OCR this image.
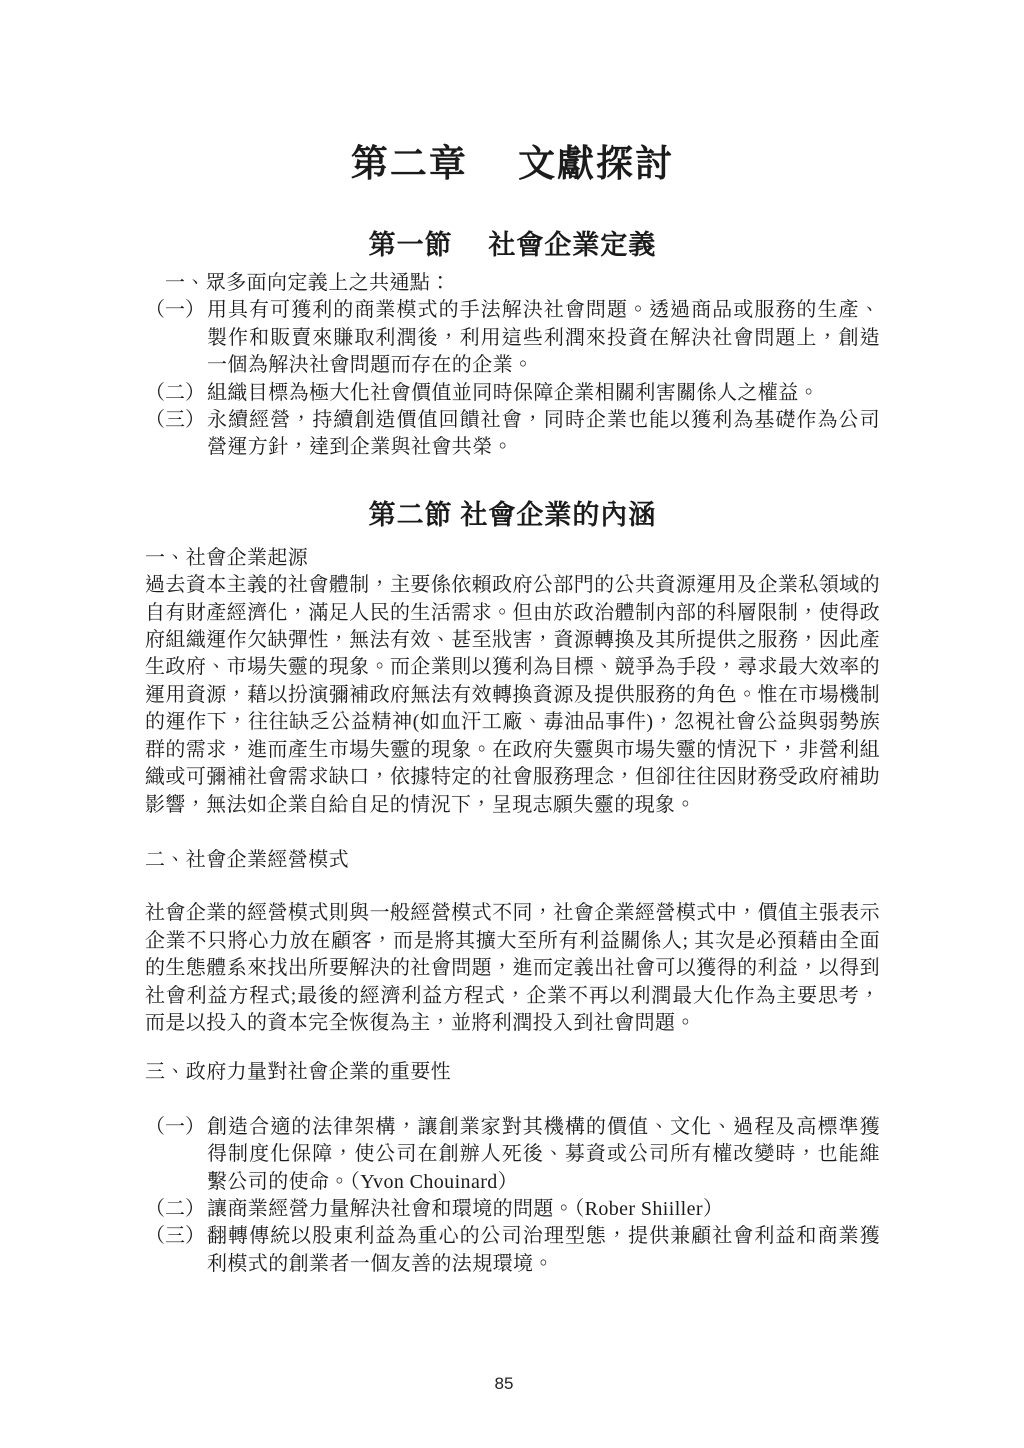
第二章　 文獻探討
第一節　 社會企業定義
一、眾多面向定義上之共通點：
（一） 用具有可獲利的商業模式的手法解決社會問題。透過商品或服務的生產、製作和販賣來賺取利潤後，利用這些利潤來投資在解決社會問題上，創造一個為解決社會問題而存在的企業。
（二） 組織目標為極大化社會價值並同時保障企業相關利害關係人之權益。
（三） 永續經營，持續創造價值回饋社會，同時企業也能以獲利為基礎作為公司營運方針，達到企業與社會共榮。
第二節 社會企業的內涵
一、社會企業起源
過去資本主義的社會體制，主要係依賴政府公部門的公共資源運用及企業私領域的自有財產經濟化，滿足人民的生活需求。但由於政治體制內部的科層限制，使得政府組織運作欠缺彈性，無法有效、甚至戕害，資源轉換及其所提供之服務，因此產生政府、市場失靈的現象。而企業則以獲利為目標、競爭為手段，尋求最大效率的運用資源，藉以扮演彌補政府無法有效轉換資源及提供服務的角色。惟在市場機制的運作下，往往缺乏公益精神(如血汗工廠、毒油品事件)，忽視社會公益與弱勢族群的需求，進而產生市場失靈的現象。在政府失靈與市場失靈的情況下，非營利組織或可彌補社會需求缺口，依據特定的社會服務理念，但卻往往因財務受政府補助影響，無法如企業自給自足的情況下，呈現志願失靈的現象。
二、社會企業經營模式
社會企業的經營模式則與一般經營模式不同，社會企業經營模式中，價值主張表示企業不只將心力放在顧客，而是將其擴大至所有利益關係人; 其次是必預藉由全面的生態體系來找出所要解決的社會問題，進而定義出社會可以獲得的利益，以得到社會利益方程式;最後的經濟利益方程式，企業不再以利潤最大化作為主要思考，而是以投入的資本完全恢復為主，並將利潤投入到社會問題。
三、政府力量對社會企業的重要性
（一） 創造合適的法律架構，讓創業家對其機構的價值、文化、過程及高標準獲得制度化保障，使公司在創辦人死後、募資或公司所有權改變時，也能維繫公司的使命。（Yvon Chouinard）
（二） 讓商業經營力量解決社會和環境的問題。（Rober Shiiller）
（三） 翻轉傳統以股東利益為重心的公司治理型態，提供兼顧社會利益和商業獲利模式的創業者一個友善的法規環境。
85
